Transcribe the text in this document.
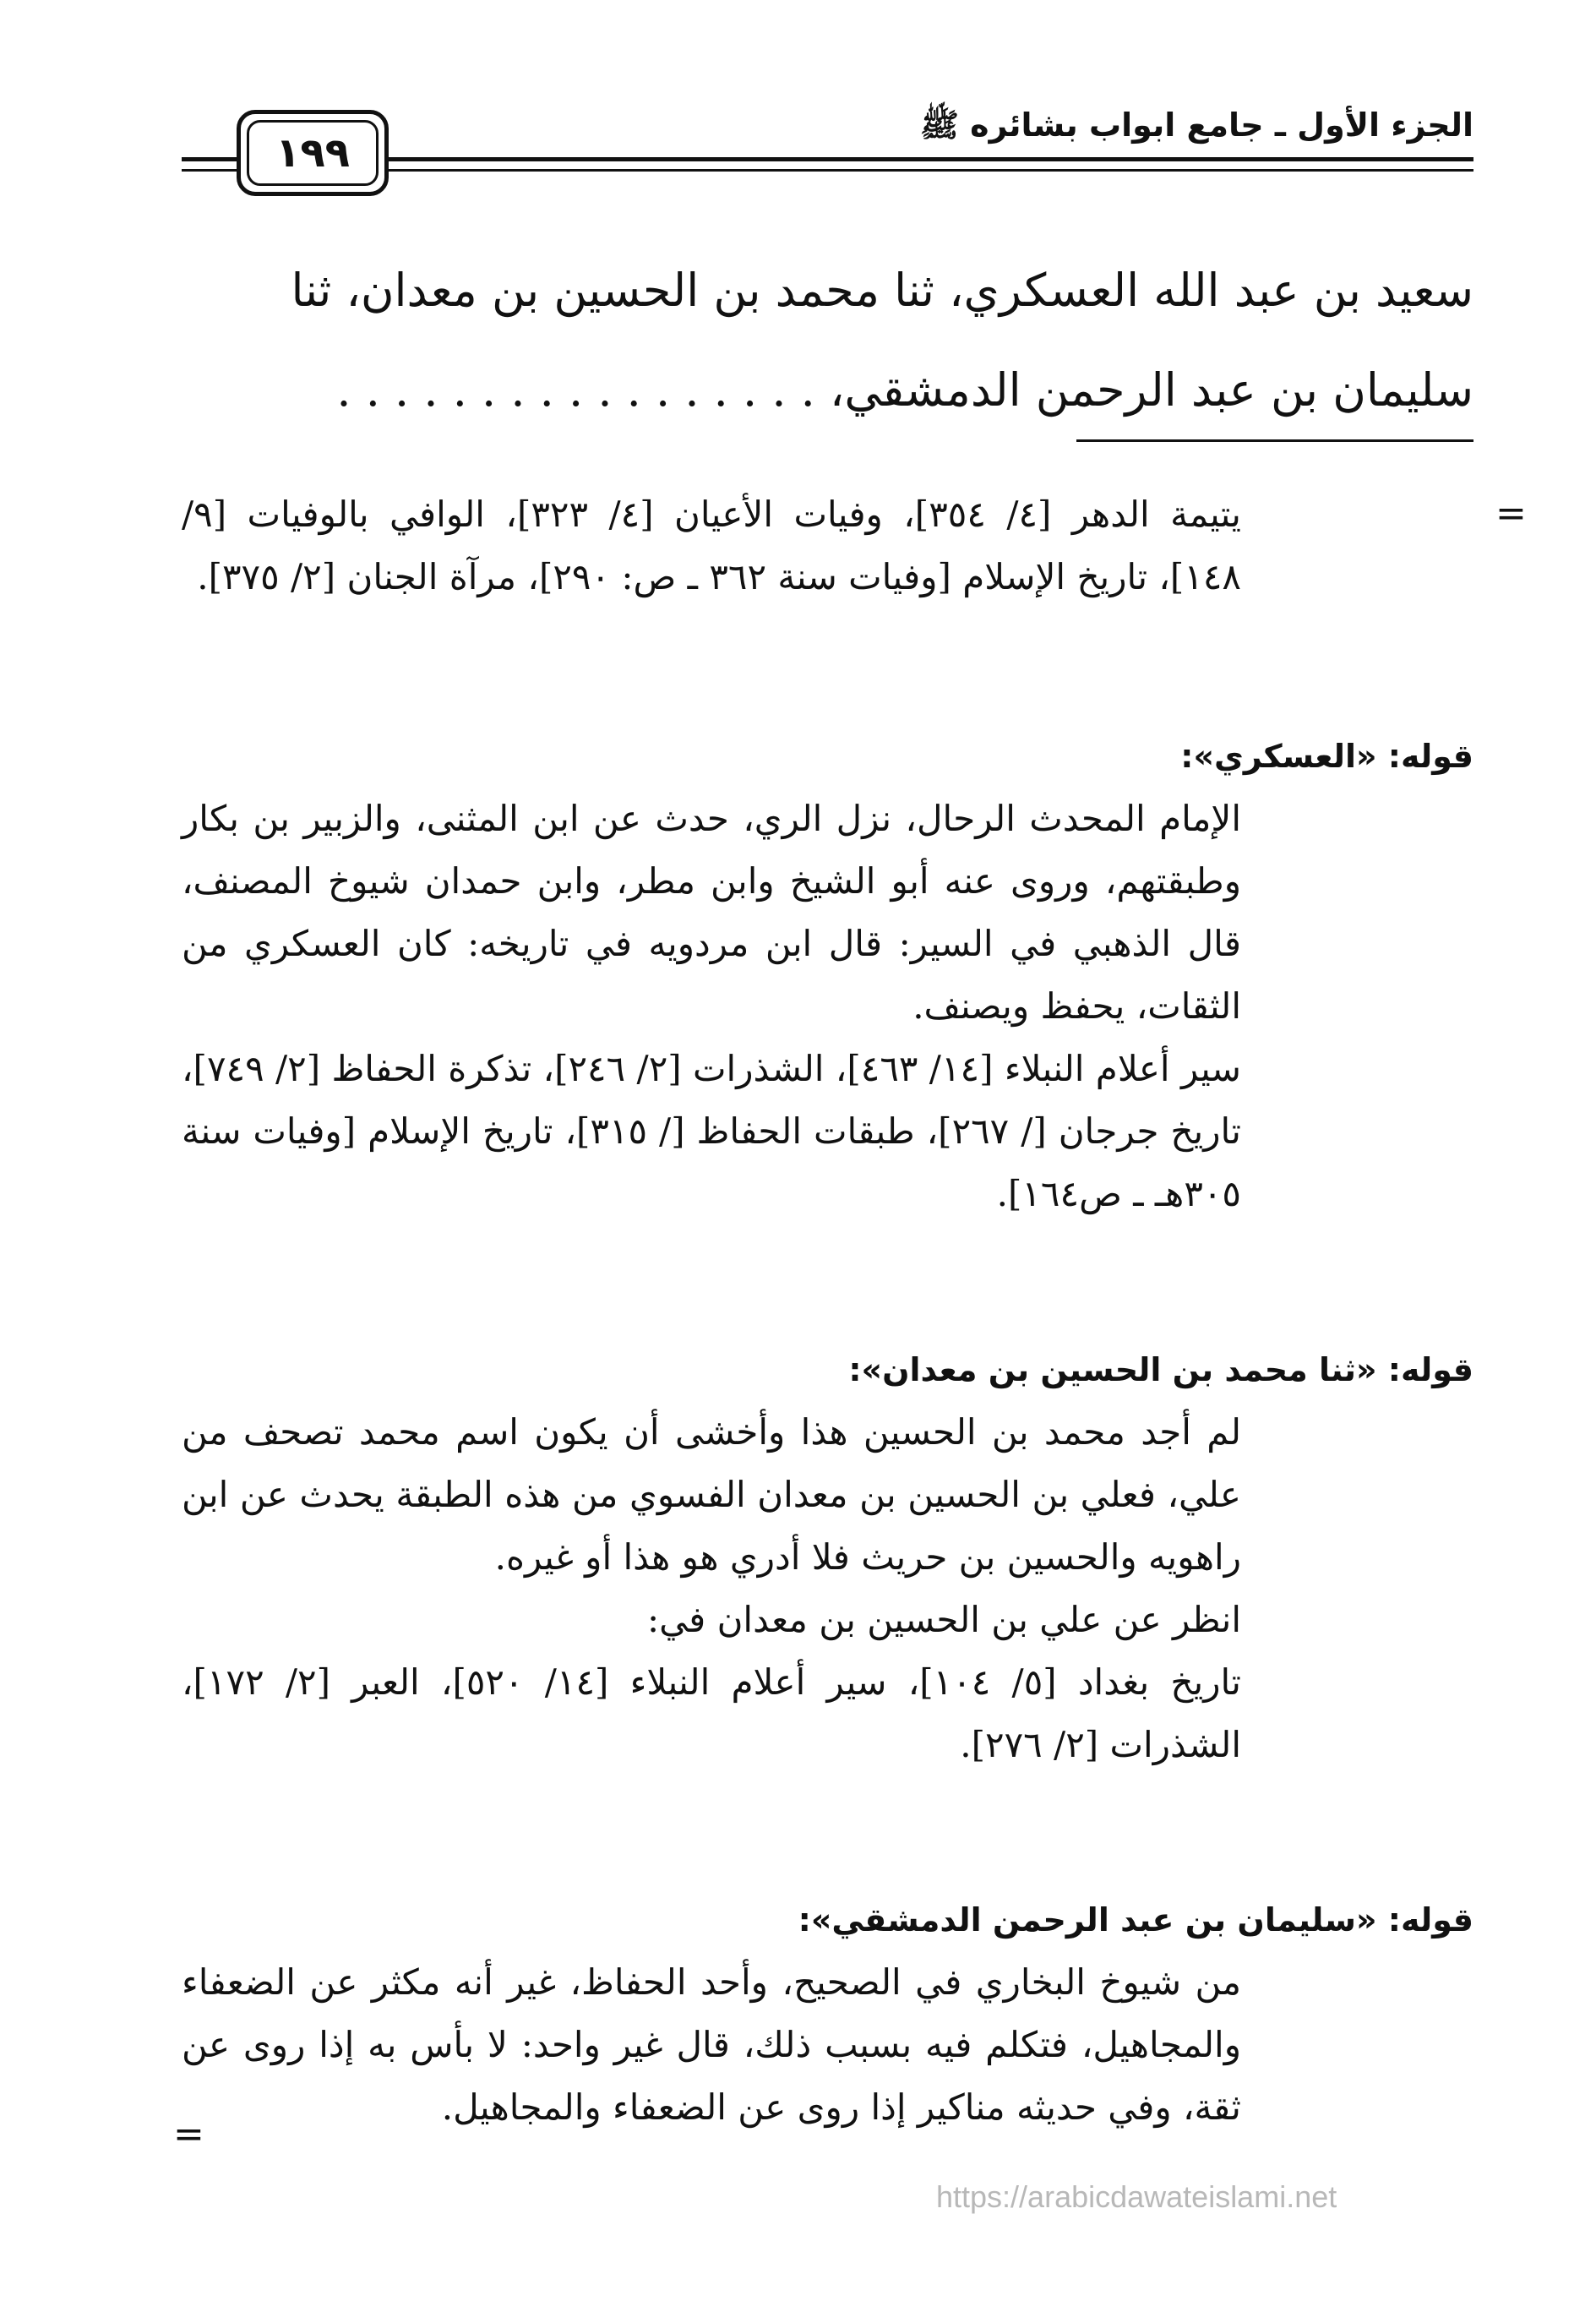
الجزء الأول ـ جامع ابواب بشائره ﷺ
١٩٩

سعيد بن عبد الله العسكري، ثنا محمد بن الحسين بن معدان، ثنا

سليمان بن عبد الرحمن الدمشقي، . . . . . . . . . . . . . . . . .

=

يتيمة الدهر [٤/ ٣٥٤]، وفيات الأعيان [٤/ ٣٢٣]، الوافي بالوفيات [٩/ ١٤٨]، تاريخ الإسلام [وفيات سنة ٣٦٢ ـ ص: ٢٩٠]، مرآة الجنان [٢/ ٣٧٥].

قوله: «العسكري»:

الإمام المحدث الرحال، نزل الري، حدث عن ابن المثنى، والزبير بن بكار وطبقتهم، وروى عنه أبو الشيخ وابن مطر، وابن حمدان شيوخ المصنف، قال الذهبي في السير: قال ابن مردويه في تاريخه: كان العسكري من الثقات، يحفظ ويصنف.

سير أعلام النبلاء [١٤/ ٤٦٣]، الشذرات [٢/ ٢٤٦]، تذكرة الحفاظ [٢/ ٧٤٩]، تاريخ جرجان [/ ٢٦٧]، طبقات الحفاظ [/ ٣١٥]، تاريخ الإسلام [وفيات سنة ٣٠٥هـ ـ ص١٦٤].

قوله: «ثنا محمد بن الحسين بن معدان»:

لم أجد محمد بن الحسين هذا وأخشى أن يكون اسم محمد تصحف من علي، فعلي بن الحسين بن معدان الفسوي من هذه الطبقة يحدث عن ابن راهويه والحسين بن حريث فلا أدري هو هذا أو غيره.

انظر عن علي بن الحسين بن معدان في:

تاريخ بغداد [٥/ ١٠٤]، سير أعلام النبلاء [١٤/ ٥٢٠]، العبر [٢/ ١٧٢]، الشذرات [٢/ ٢٧٦].

قوله: «سليمان بن عبد الرحمن الدمشقي»:

من شيوخ البخاري في الصحيح، وأحد الحفاظ، غير أنه مكثر عن الضعفاء والمجاهيل، فتكلم فيه بسبب ذلك، قال غير واحد: لا بأس به إذا روى عن ثقة، وفي حديثه مناكير إذا روى عن الضعفاء والمجاهيل.

=
https://arabicdawateislami.net
